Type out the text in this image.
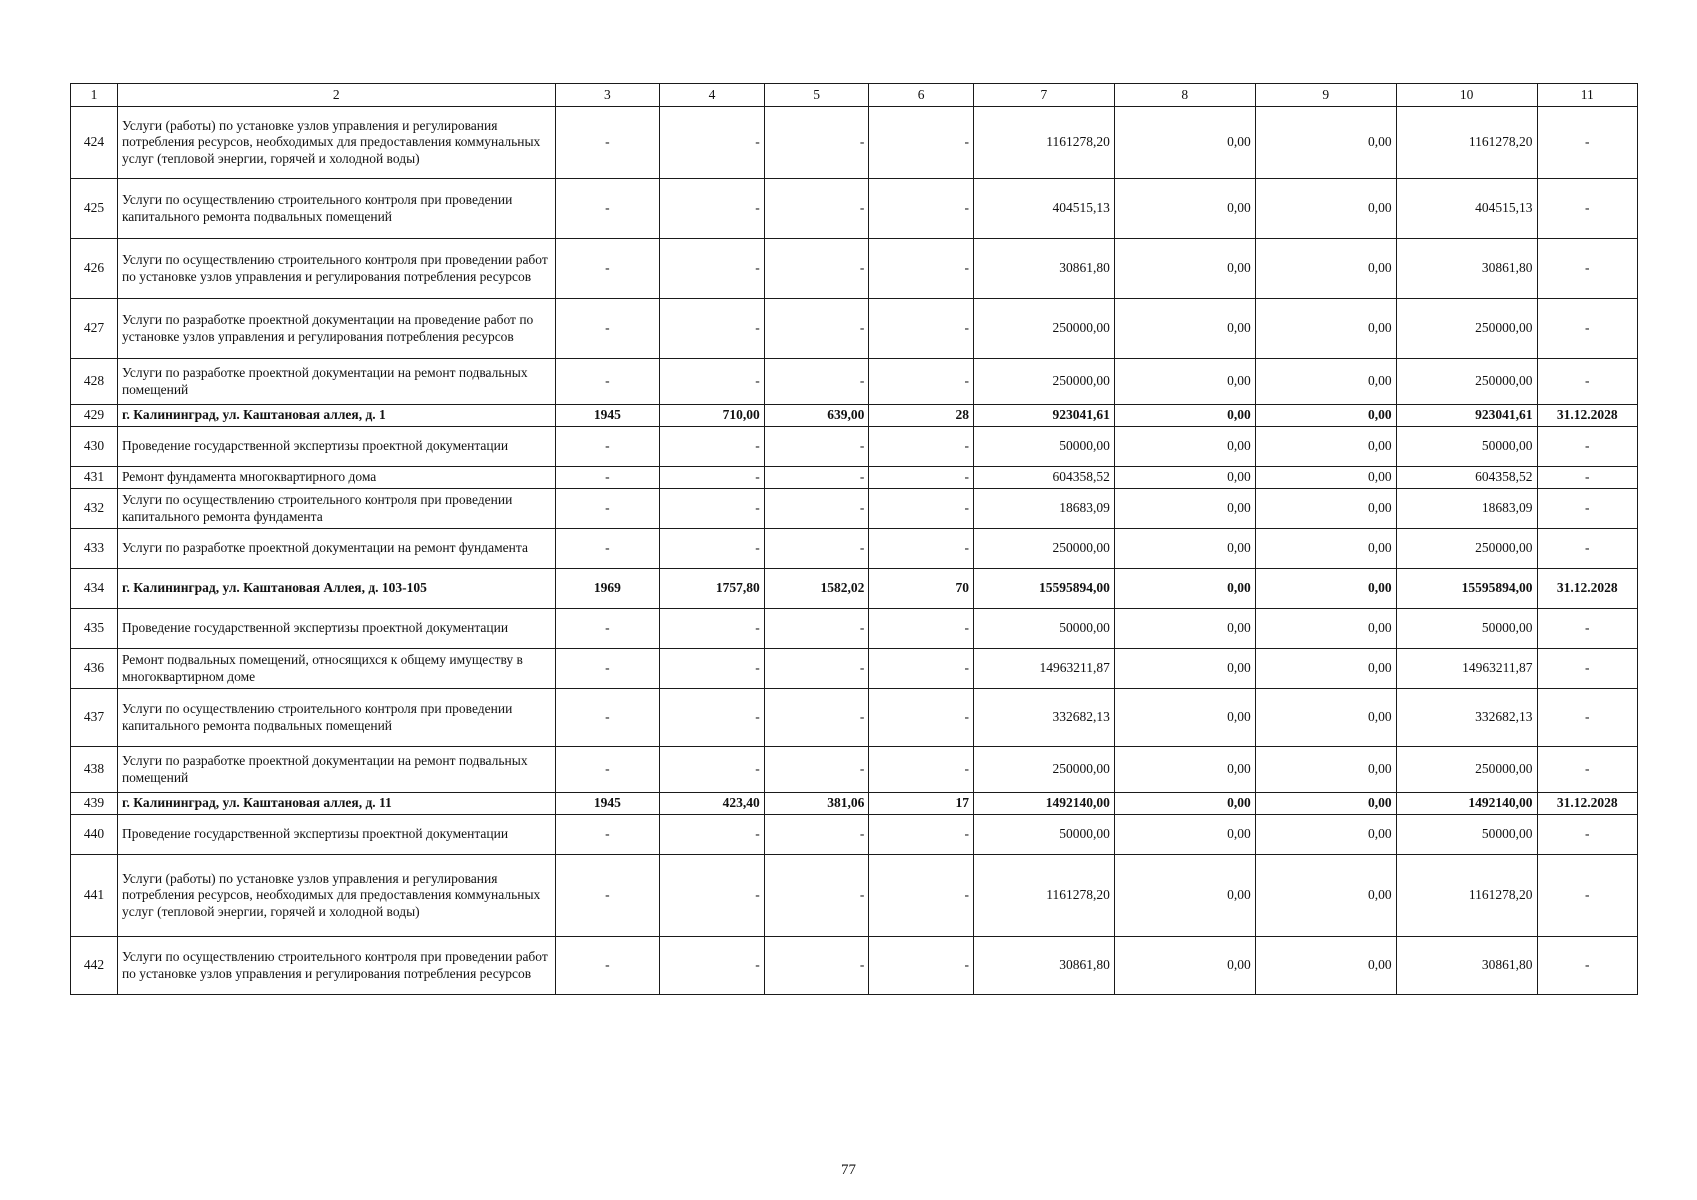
1	2	3	4	5	6	7	8	9	10	11
424	Услуги (работы) по установке узлов управления и регулирования потребления ресурсов, необходимых для предоставления коммунальных услуг (тепловой энергии, горячей и холодной воды)	-	-	-	-	1161278,20	0,00	0,00	1161278,20	-
425	Услуги по осуществлению строительного контроля при проведении капитального ремонта подвальных помещений	-	-	-	-	404515,13	0,00	0,00	404515,13	-
426	Услуги по осуществлению строительного контроля при проведении работ по установке узлов управления и регулирования потребления ресурсов	-	-	-	-	30861,80	0,00	0,00	30861,80	-
427	Услуги по разработке проектной документации на проведение работ по установке узлов управления и регулирования потребления ресурсов	-	-	-	-	250000,00	0,00	0,00	250000,00	-
428	Услуги по разработке проектной документации на ремонт подвальных помещений	-	-	-	-	250000,00	0,00	0,00	250000,00	-
429	г. Калининград, ул. Каштановая аллея, д. 1	1945	710,00	639,00	28	923041,61	0,00	0,00	923041,61	31.12.2028
430	Проведение государственной экспертизы проектной документации	-	-	-	-	50000,00	0,00	0,00	50000,00	-
431	Ремонт фундамента многоквартирного дома	-	-	-	-	604358,52	0,00	0,00	604358,52	-
432	Услуги по осуществлению строительного контроля при проведении капитального ремонта фундамента	-	-	-	-	18683,09	0,00	0,00	18683,09	-
433	Услуги по разработке проектной документации на ремонт фундамента	-	-	-	-	250000,00	0,00	0,00	250000,00	-
434	г. Калининград, ул. Каштановая Аллея, д. 103-105	1969	1757,80	1582,02	70	15595894,00	0,00	0,00	15595894,00	31.12.2028
435	Проведение государственной экспертизы проектной документации	-	-	-	-	50000,00	0,00	0,00	50000,00	-
436	Ремонт подвальных помещений, относящихся к общему имуществу в многоквартирном доме	-	-	-	-	14963211,87	0,00	0,00	14963211,87	-
437	Услуги по осуществлению строительного контроля при проведении капитального ремонта подвальных помещений	-	-	-	-	332682,13	0,00	0,00	332682,13	-
438	Услуги по разработке проектной документации на ремонт подвальных помещений	-	-	-	-	250000,00	0,00	0,00	250000,00	-
439	г. Калининград, ул. Каштановая аллея, д. 11	1945	423,40	381,06	17	1492140,00	0,00	0,00	1492140,00	31.12.2028
440	Проведение государственной экспертизы проектной документации	-	-	-	-	50000,00	0,00	0,00	50000,00	-
441	Услуги (работы) по установке узлов управления и регулирования потребления ресурсов, необходимых для предоставления коммунальных услуг (тепловой энергии, горячей и холодной воды)	-	-	-	-	1161278,20	0,00	0,00	1161278,20	-
442	Услуги по осуществлению строительного контроля при проведении работ по установке узлов управления и регулирования потребления ресурсов	-	-	-	-	30861,80	0,00	0,00	30861,80	-
77
